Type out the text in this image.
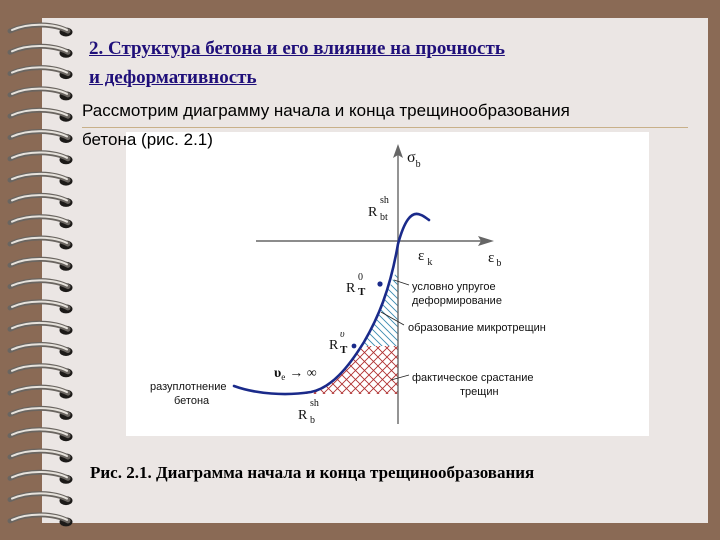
2. Структура бетона и его влияние на прочность
и деформативность
Рассмотрим диаграмму начала и конца трещинообразования
$\sigma_b$
ε $_b$
ε $_k$
R sh bt
R 0 T
R υ T
R sh b
$\upsilon_e$ → ∞
условно упругое
деформирование
образование микротрещин
фактическое срастание
трещин
разуплотнение
бетона
бетона (рис. 2.1)
Рис. 2.1. Диаграмма начала и конца трещинообразования
